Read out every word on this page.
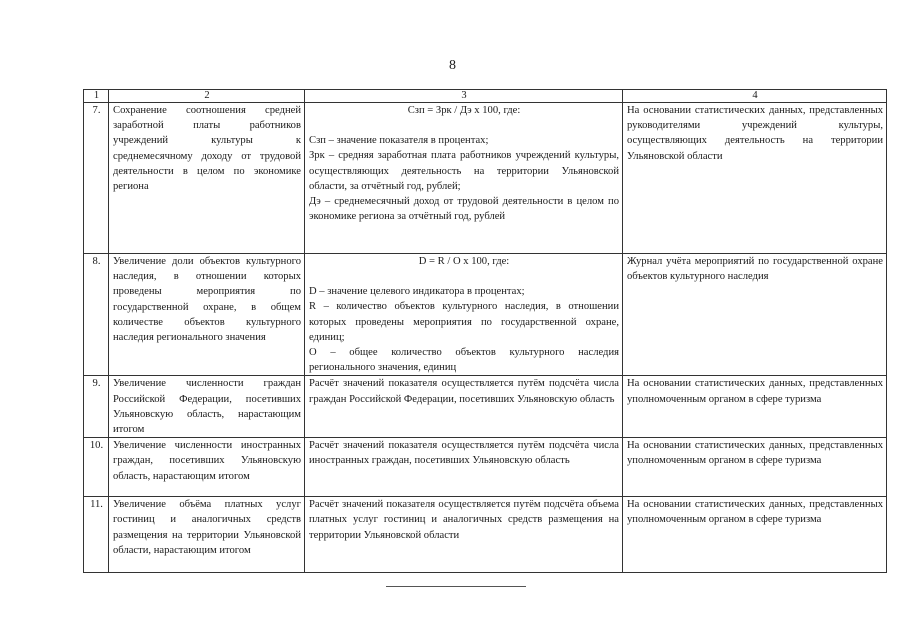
8
1	2	3	4
7.	Сохранение соотношения средней заработной платы работников учреждений культуры к среднемесячному доходу от трудовой деятельности в целом по экономике региона	Сзп = Зрк / Дэ x 100, где:
Сзп – значение показателя в процентах;
Зрк – средняя заработная плата работников учреждений культуры, осуществляющих деятельность на территории Ульяновской области, за отчётный год, рублей;
Дэ – среднемесячный доход от трудовой деятельности в целом по экономике региона за отчётный год, рублей	На основании статистических данных, представленных руководителями учреждений культуры, осуществляющих деятельность на территории Ульяновской области
8.	Увеличение доли объектов культурного наследия, в отношении которых проведены мероприятия по государственной охране, в общем количестве объектов культурного наследия регионального значения	D = R / O x 100, где:
D – значение целевого индикатора в процентах;
R – количество объектов культурного наследия, в отношении которых проведены мероприятия по государственной охране, единиц;
O – общее количество объектов культурного наследия регионального значения, единиц	Журнал учёта мероприятий по государственной охране объектов культурного наследия
9.	Увеличение численности граждан Российской Федерации, посетивших Ульяновскую область, нарастающим итогом	Расчёт значений показателя осуществляется путём подсчёта числа граждан Российской Федерации, посетивших Ульяновскую область	На основании статистических данных, представленных уполномоченным органом в сфере туризма
10.	Увеличение численности иностранных граждан, посетивших Ульяновскую область, нарастающим итогом	Расчёт значений показателя осуществляется путём подсчёта числа иностранных граждан, посетивших Ульяновскую область	На основании статистических данных, представленных уполномоченным органом в сфере туризма
11.	Увеличение объёма платных услуг гостиниц и аналогичных средств размещения на территории Ульяновской области, нарастающим итогом	Расчёт значений показателя осуществляется путём подсчёта объема платных услуг гостиниц и аналогичных средств размещения на территории Ульяновской области	На основании статистических данных, представленных уполномоченным органом в сфере туризма
